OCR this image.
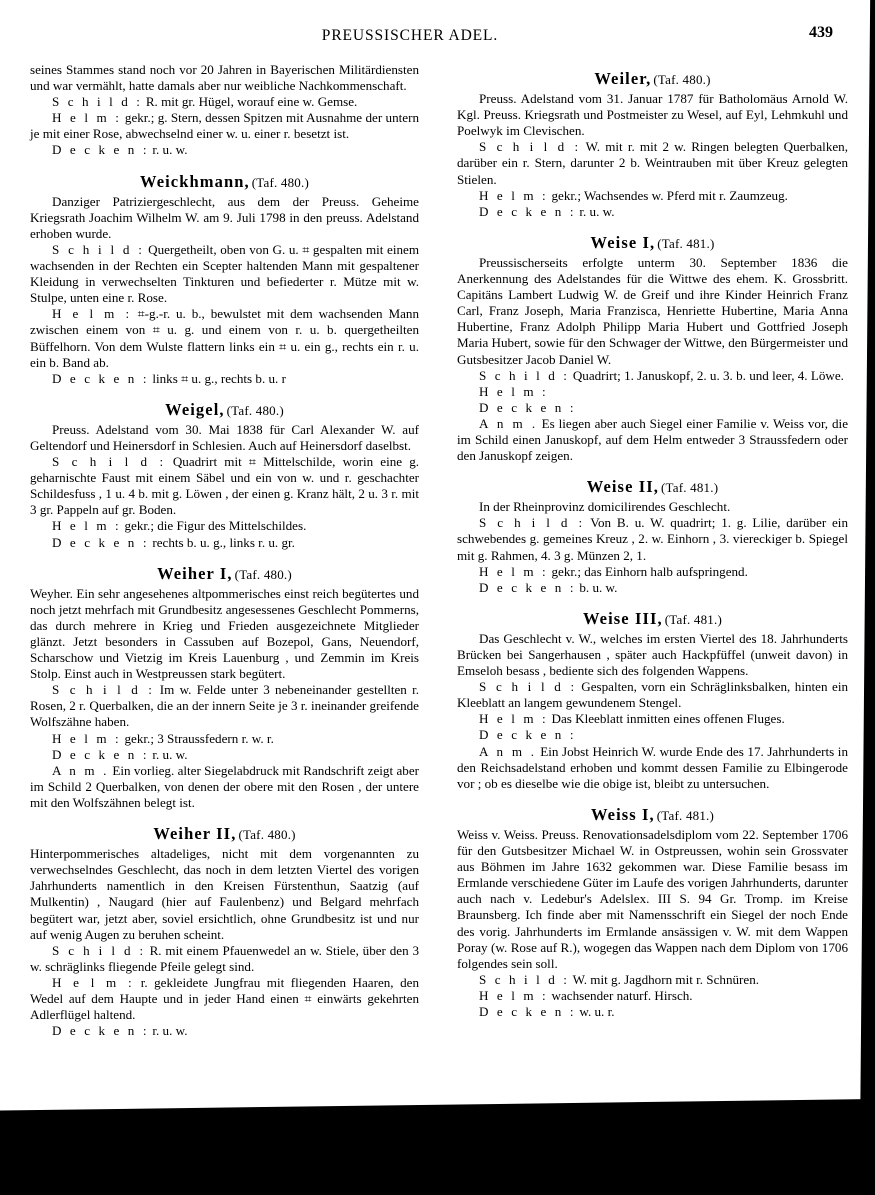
PREUSSISCHER ADEL.	439

seines Stammes stand noch vor 20 Jahren in Bayerischen Militärdiensten und war vermählt, hatte damals aber nur weibliche Nachkommenschaft.

S c h i l d : R. mit gr. Hügel, worauf eine w. Gemse.

H e l m : gekr.; g. Stern, dessen Spitzen mit Ausnahme der untern je mit einer Rose, abwechselnd einer w. u. einer r. besetzt ist.

D e c k e n : r. u. w.

Weickhmann, (Taf. 480.)

Danziger Patriziergeschlecht, aus dem der Preuss. Geheime Kriegsrath Joachim Wilhelm W. am 9. Juli 1798 in den preuss. Adelstand erhoben wurde.

S c h i l d : Quergetheilt, oben von G. u. ⌗ gespalten mit einem wachsenden in der Rechten ein Scepter haltenden Mann mit gespaltener Kleidung in verwechselten Tinkturen und befiederter r. Mütze mit w. Stulpe, unten eine r. Rose.

H e l m : ⌗-g.-r. u. b., bewulstet mit dem wachsenden Mann zwischen einem von ⌗ u. g. und einem von r. u. b. quergetheilten Büffelhorn. Von dem Wulste flattern links ein ⌗ u. ein g., rechts ein r. u. ein b. Band ab.

D e c k e n : links ⌗ u. g., rechts b. u. r

Weigel, (Taf. 480.)

Preuss. Adelstand vom 30. Mai 1838 für Carl Alexander W. auf Geltendorf und Heinersdorf in Schlesien. Auch auf Heinersdorf daselbst.

S c h i l d : Quadrirt mit ⌗ Mittelschilde, worin eine g. geharnischte Faust mit einem Säbel und ein von w. und r. geschachter Schildesfuss , 1 u. 4 b. mit g. Löwen , der einen g. Kranz hält, 2 u. 3 r. mit 3 gr. Pappeln auf gr. Boden.

H e l m : gekr.; die Figur des Mittelschildes.

D e c k e n : rechts b. u. g., links r. u. gr.

Weiher I, (Taf. 480.)

Weyher. Ein sehr angesehenes altpommerisches einst reich begütertes und noch jetzt mehrfach mit Grundbesitz angesessenes Geschlecht Pommerns, das durch mehrere in Krieg und Frieden ausgezeichnete Mitglieder glänzt. Jetzt besonders in Cassuben auf Bozepol, Gans, Neuendorf, Scharschow und Vietzig im Kreis Lauenburg , und Zemmin im Kreis Stolp. Einst auch in Westpreussen stark begütert.

S c h i l d : Im w. Felde unter 3 nebeneinander gestellten r. Rosen, 2 r. Querbalken, die an der innern Seite je 3 r. ineinander greifende Wolfszähne haben.

H e l m : gekr.; 3 Straussfedern r. w. r.

D e c k e n : r. u. w.

A n m . Ein vorlieg. alter Siegelabdruck mit Randschrift zeigt aber im Schild 2 Querbalken, von denen der obere mit den Rosen , der untere mit den Wolfszähnen belegt ist.

Weiher II, (Taf. 480.)

Hinterpommerisches altadeliges, nicht mit dem vorgenannten zu verwechselndes Geschlecht, das noch in dem letzten Viertel des vorigen Jahrhunderts namentlich in den Kreisen Fürstenthun, Saatzig (auf Mulkentin) , Naugard (hier auf Faulenbenz) und Belgard mehrfach begütert war, jetzt aber, soviel ersichtlich, ohne Grundbesitz ist und nur auf wenig Augen zu beruhen scheint.

S c h i l d : R. mit einem Pfauenwedel an w. Stiele, über den 3 w. schräglinks fliegende Pfeile gelegt sind.

H e l m : r. gekleidete Jungfrau mit fliegenden Haaren, den Wedel auf dem Haupte und in jeder Hand einen ⌗ einwärts gekehrten Adlerflügel haltend.

D e c k e n : r. u. w.

Weiler, (Taf. 480.)

Preuss. Adelstand vom 31. Januar 1787 für Batholomäus Arnold W. Kgl. Preuss. Kriegsrath und Postmeister zu Wesel, auf Eyl, Lehmkuhl und Poelwyk im Clevischen.

S c h i l d : W. mit r. mit 2 w. Ringen belegten Querbalken, darüber ein r. Stern, darunter 2 b. Weintrauben mit über Kreuz gelegten Stielen.

H e l m : gekr.; Wachsendes w. Pferd mit r. Zaumzeug.

D e c k e n : r. u. w.

Weise I, (Taf. 481.)

Preussischerseits erfolgte unterm 30. September 1836 die Anerkennung des Adelstandes für die Wittwe des ehem. K. Grossbritt. Capitäns Lambert Ludwig W. de Greif und ihre Kinder Heinrich Franz Carl, Franz Joseph, Maria Franzisca, Henriette Hubertine, Maria Anna Hubertine, Franz Adolph Philipp Maria Hubert und Gottfried Joseph Maria Hubert, sowie für den Schwager der Wittwe, den Bürgermeister und Gutsbesitzer Jacob Daniel W.

S c h i l d : Quadrirt; 1. Januskopf, 2. u. 3. b. und leer, 4. Löwe.

H e l m :

D e c k e n :

A n m . Es liegen aber auch Siegel einer Familie v. Weiss vor, die im Schild einen Januskopf, auf dem Helm entweder 3 Straussfedern oder den Januskopf zeigen.

Weise II, (Taf. 481.)

In der Rheinprovinz domicilirendes Geschlecht.

S c h i l d : Von B. u. W. quadrirt; 1. g. Lilie, darüber ein schwebendes g. gemeines Kreuz , 2. w. Einhorn , 3. viereckiger b. Spiegel mit g. Rahmen, 4. 3 g. Münzen 2, 1.

H e l m : gekr.; das Einhorn halb aufspringend.

D e c k e n : b. u. w.

Weise III, (Taf. 481.)

Das Geschlecht v. W., welches im ersten Viertel des 18. Jahrhunderts Brücken bei Sangerhausen , später auch Hackpfüffel (unweit davon) in Emseloh besass , bediente sich des folgenden Wappens.

S c h i l d : Gespalten, vorn ein Schräglinksbalken, hinten ein Kleeblatt an langem gewundenem Stengel.

H e l m : Das Kleeblatt inmitten eines offenen Fluges.

D e c k e n :

A n m . Ein Jobst Heinrich W. wurde Ende des 17. Jahrhunderts in den Reichsadelstand erhoben und kommt dessen Familie zu Elbingerode vor ; ob es dieselbe wie die obige ist, bleibt zu untersuchen.

Weiss I, (Taf. 481.)

Weiss v. Weiss. Preuss. Renovationsadelsdiplom vom 22. September 1706 für den Gutsbesitzer Michael W. in Ostpreussen, wohin sein Grossvater aus Böhmen im Jahre 1632 gekommen war. Diese Familie besass im Ermlande verschiedene Güter im Laufe des vorigen Jahrhunderts, darunter auch nach v. Ledebur's Adelslex. III S. 94 Gr. Tromp. im Kreise Braunsberg. Ich finde aber mit Namensschrift ein Siegel der noch Ende des vorig. Jahrhunderts im Ermlande ansässigen v. W. mit dem Wappen Poray (w. Rose auf R.), wogegen das Wappen nach dem Diplom von 1706 folgendes sein soll.

S c h i l d : W. mit g. Jagdhorn mit r. Schnüren.

H e l m : wachsender naturf. Hirsch.

D e c k e n : w. u. r.
